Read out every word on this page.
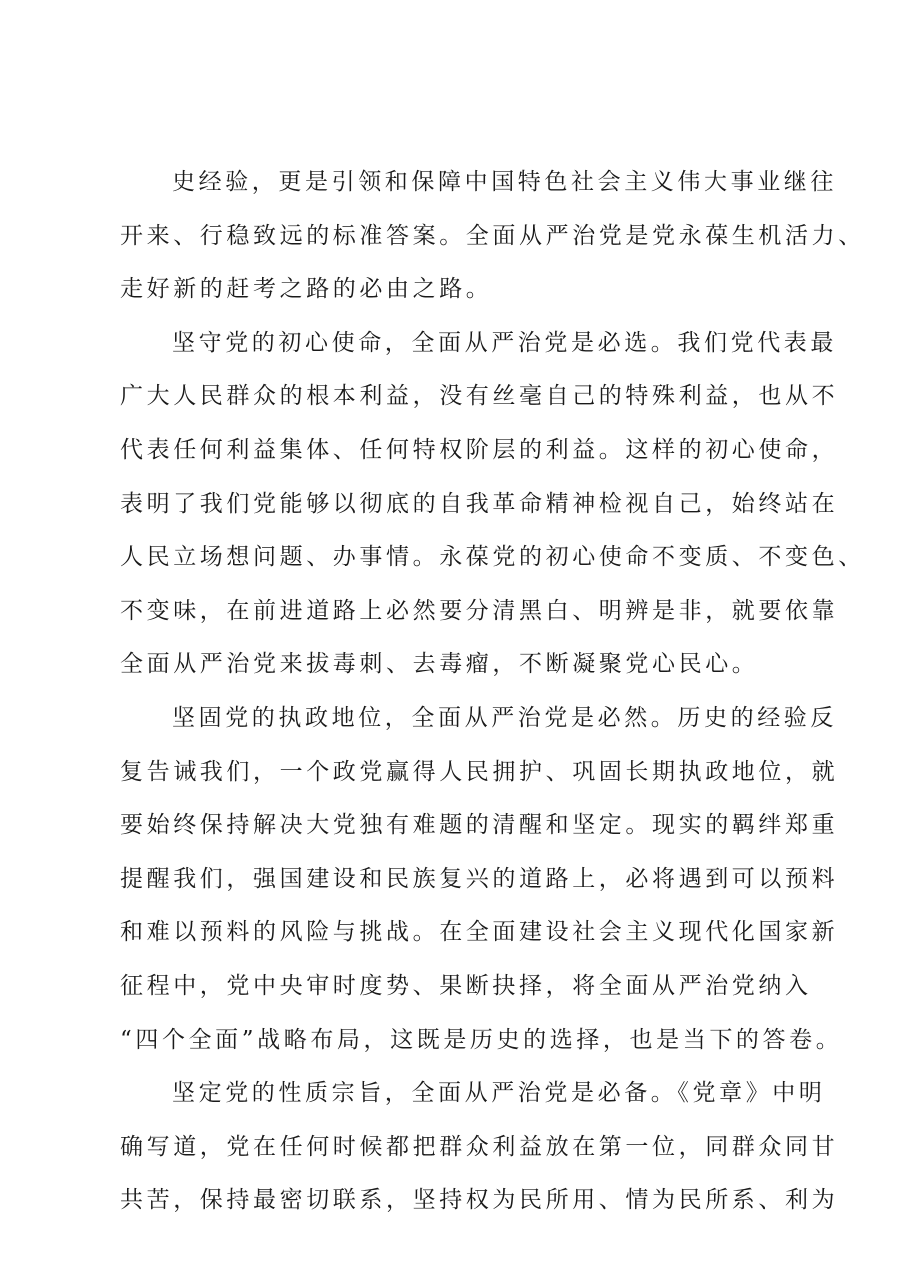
史经验，更是引领和保障中国特色社会主义伟大事业继往
开来、行稳致远的标准答案。全面从严治党是党永葆生机活力、
走好新的赶考之路的必由之路。
坚守党的初心使命，全面从严治党是必选。我们党代表最
广大人民群众的根本利益，没有丝毫自己的特殊利益，也从不
代表任何利益集体、任何特权阶层的利益。这样的初心使命，
表明了我们党能够以彻底的自我革命精神检视自己，始终站在
人民立场想问题、办事情。永葆党的初心使命不变质、不变色、
不变味，在前进道路上必然要分清黑白、明辨是非，就要依靠
全面从严治党来拔毒刺、去毒瘤，不断凝聚党心民心。
坚固党的执政地位，全面从严治党是必然。历史的经验反
复告诫我们，一个政党赢得人民拥护、巩固长期执政地位，就
要始终保持解决大党独有难题的清醒和坚定。现实的羁绊郑重
提醒我们，强国建设和民族复兴的道路上，必将遇到可以预料
和难以预料的风险与挑战。在全面建设社会主义现代化国家新
征程中，党中央审时度势、果断抉择，将全面从严治党纳入
“四个全面”战略布局，这既是历史的选择，也是当下的答卷。
坚定党的性质宗旨，全面从严治党是必备。《党章》中明
确写道，党在任何时候都把群众利益放在第一位，同群众同甘
共苦，保持最密切联系，坚持权为民所用、情为民所系、利为
